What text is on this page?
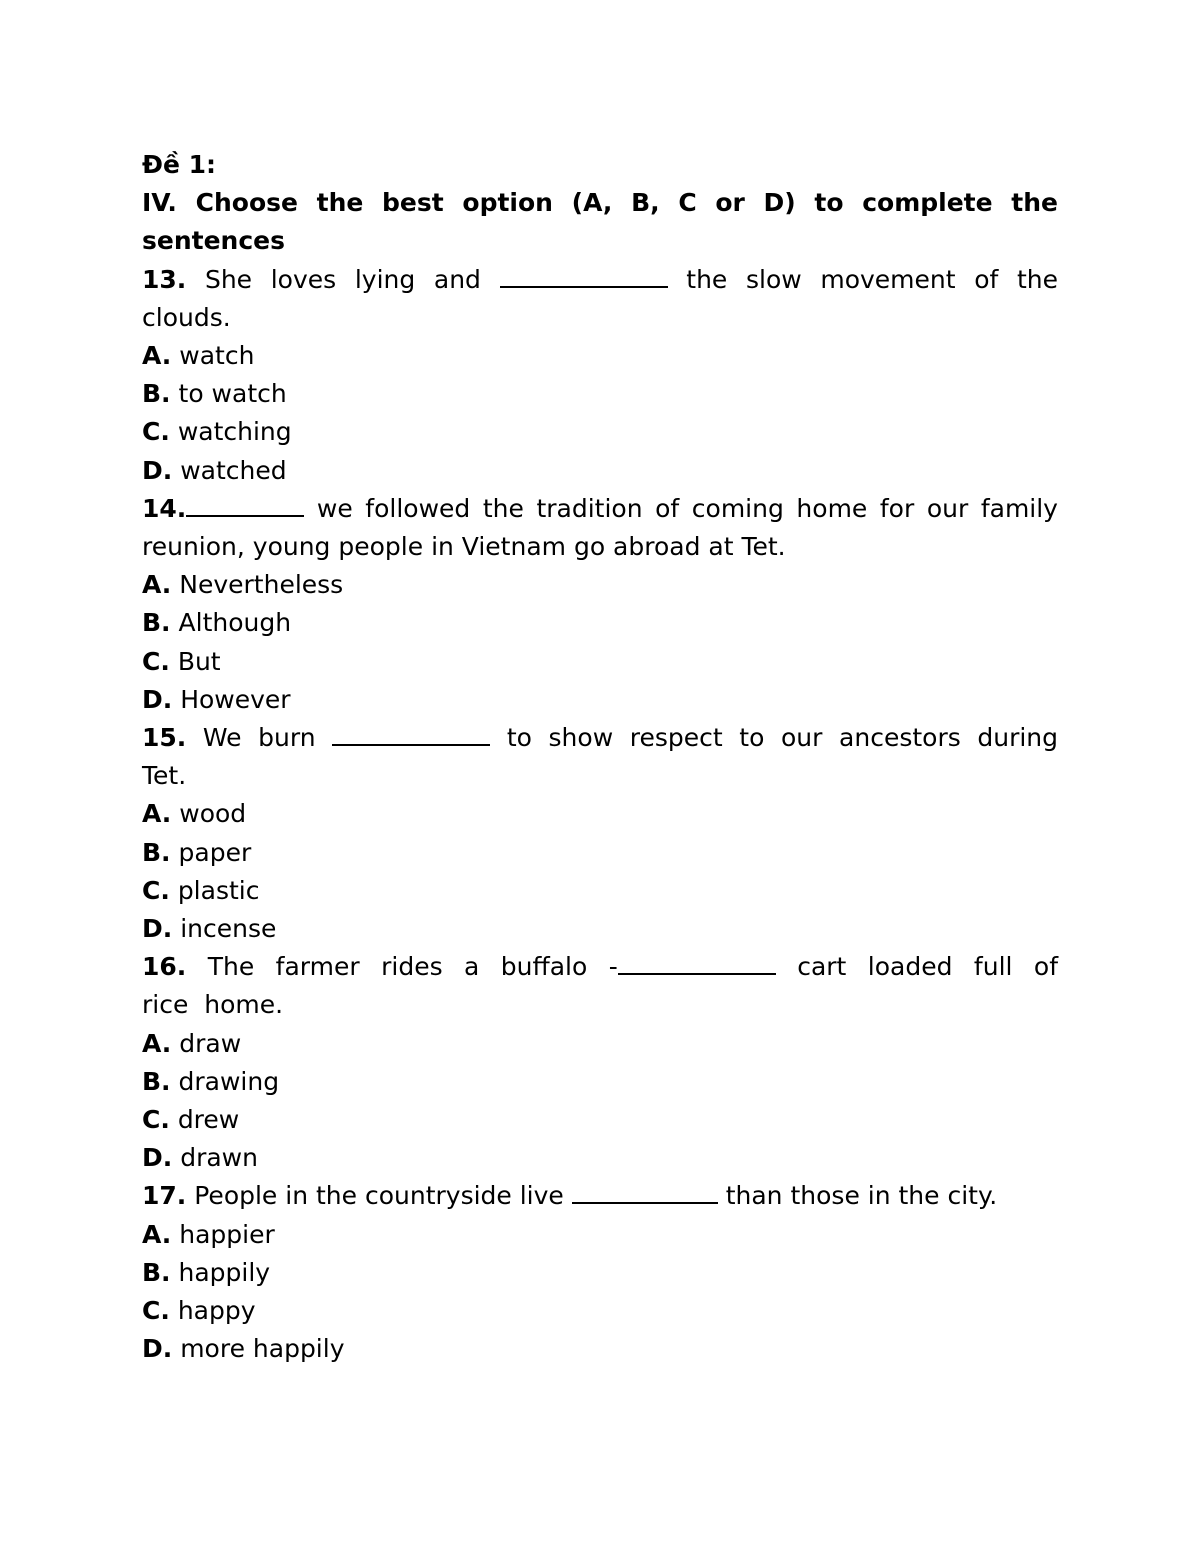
Đề 1:
IV. Choose the best option (A, B, C or D) to complete the sentences
13. She loves lying and	the slow movement of the clouds.
A. watch
B. to watch
C. watching
D. watched
14.	we followed the tradition of coming home for our family reunion, young people in Vietnam go abroad at Tet.
A. Nevertheless
B. Although
C. But
D. However
15. We burn	to show respect to our ancestors during Tet.
A. wood
B. paper
C. plastic
D. incense
16. The farmer rides a buffalo -	cart loaded full of rice home.
A. draw
B. drawing
C. drew
D. drawn
17. People in the countryside live	than those in the city.
A. happier
B. happily
C. happy
D. more happily
